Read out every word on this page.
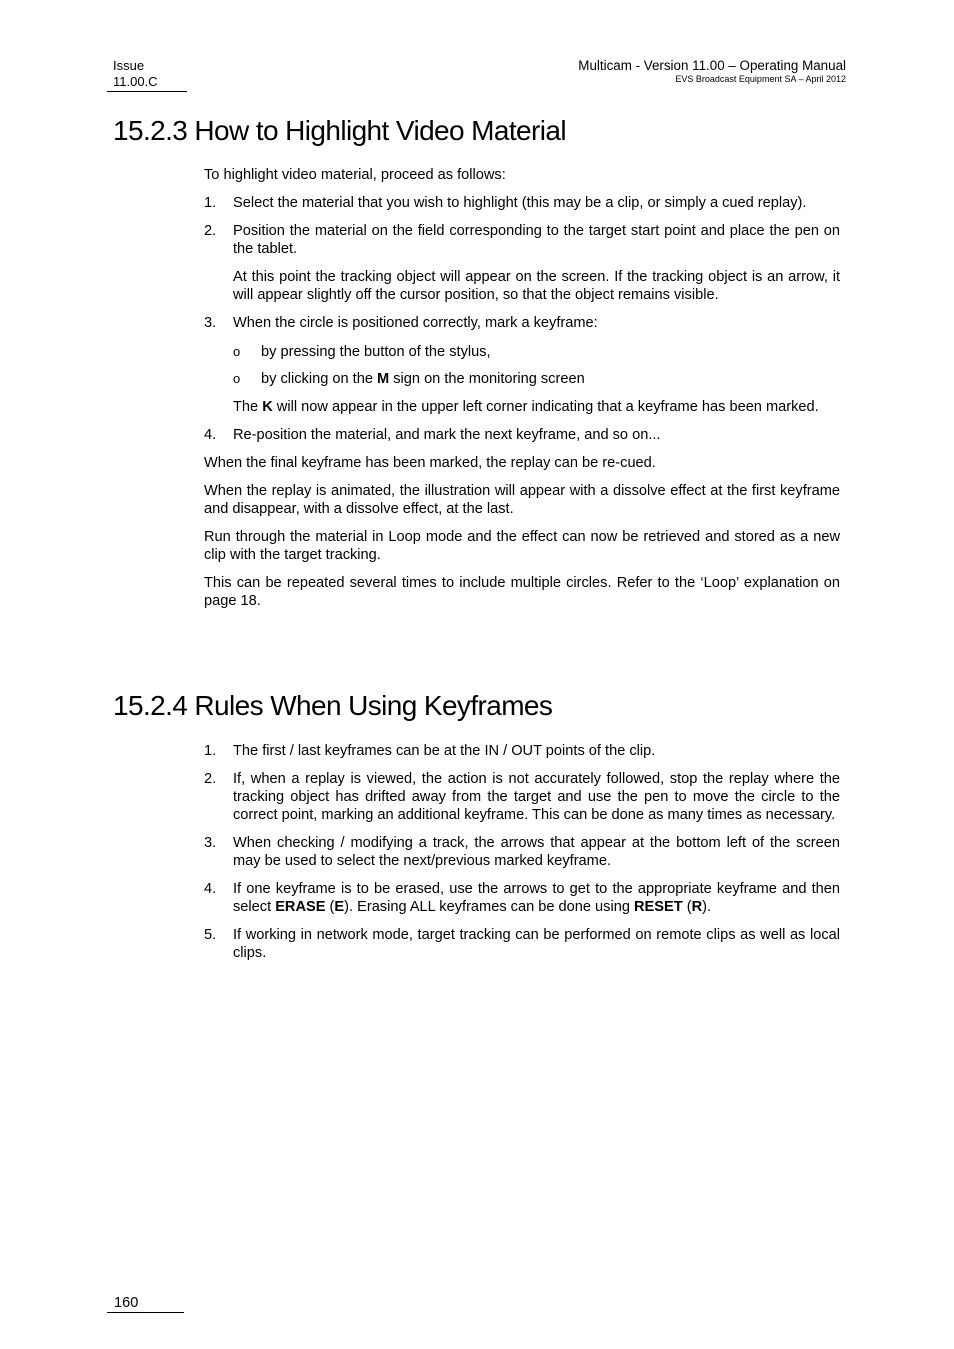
Issue
11.00.C
Multicam - Version 11.00 – Operating Manual
EVS Broadcast Equipment SA – April 2012
15.2.3 How to Highlight Video Material

To highlight video material, proceed as follows:

1. Select the material that you wish to highlight (this may be a clip, or simply a cued replay).
2. Position the material on the field corresponding to the target start point and place the pen on the tablet.

At this point the tracking object will appear on the screen. If the tracking object is an arrow, it will appear slightly off the cursor position, so that the object remains visible.

3. When the circle is positioned correctly, mark a keyframe:
o by pressing the button of the stylus,
o by clicking on the M sign on the monitoring screen

The K will now appear in the upper left corner indicating that a keyframe has been marked.

4. Re-position the material, and mark the next keyframe, and so on...

When the final keyframe has been marked, the replay can be re-cued.

When the replay is animated, the illustration will appear with a dissolve effect at the first keyframe and disappear, with a dissolve effect, at the last.

Run through the material in Loop mode and the effect can now be retrieved and stored as a new clip with the target tracking.

This can be repeated several times to include multiple circles. Refer to the ‘Loop’ explanation on page 18.

15.2.4 Rules When Using Keyframes
1. The first / last keyframes can be at the IN / OUT points of the clip.
2. If, when a replay is viewed, the action is not accurately followed, stop the replay where the tracking object has drifted away from the target and use the pen to move the circle to the correct point, marking an additional keyframe. This can be done as many times as necessary.
3. When checking / modifying a track, the arrows that appear at the bottom left of the screen may be used to select the next/previous marked keyframe.
4. If one keyframe is to be erased, use the arrows to get to the appropriate keyframe and then select ERASE (E). Erasing ALL keyframes can be done using RESET (R).
5. If working in network mode, target tracking can be performed on remote clips as well as local clips.
160
